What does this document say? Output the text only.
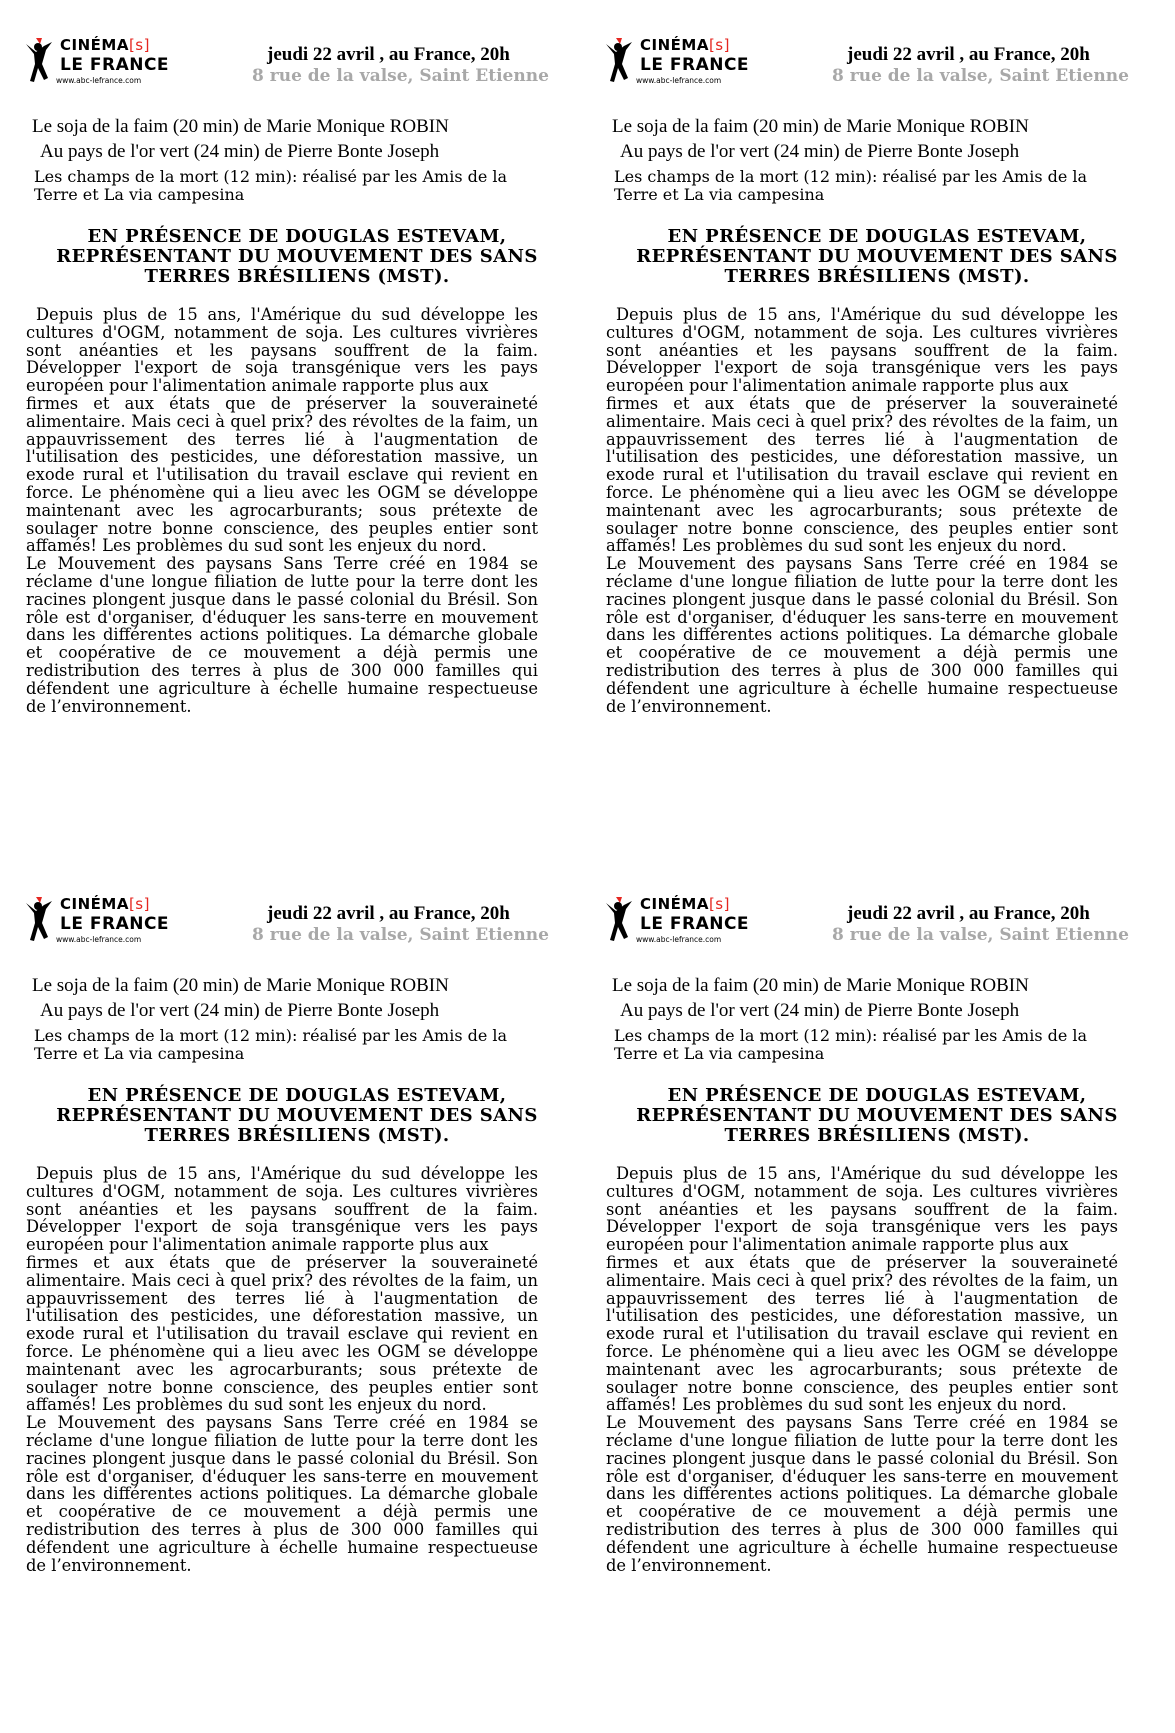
CINÉMA[s]
LE FRANCE
www.abc-lefrance.com
jeudi 22 avril , au France, 20h
8 rue de la valse, Saint Etienne
Le soja de la faim (20 min) de Marie Monique ROBIN
Au pays de l'or vert (24 min) de Pierre Bonte Joseph
Les champs de la mort (12 min): réalisé par les Amis de la Terre et La via campesina
EN PRÉSENCE DE DOUGLAS ESTEVAM, REPRÉSENTANT DU MOUVEMENT DES SANS TERRES BRÉSILIENS (MST).

Depuis plus de 15 ans, l'Amérique du sud développe les cultures d'OGM, notamment de soja. Les cultures vivrières sont anéanties et les paysans souffrent de la faim. Développer l'export de soja transgénique vers les pays européen pour l'alimentation animale rapporte plus aux

firmes et aux états que de préserver la souveraineté alimentaire. Mais ceci à quel prix? des révoltes de la faim, un appauvrissement des terres lié à l'augmentation de l'utilisation des pesticides, une déforestation massive, un exode rural et l'utilisation du travail esclave qui revient en force. Le phénomène qui a lieu avec les OGM se développe maintenant avec les agrocarburants; sous prétexte de soulager notre bonne conscience, des peuples entier sont affamés! Les problèmes du sud sont les enjeux du nord.

Le Mouvement des paysans Sans Terre créé en 1984 se réclame d'une longue filiation de lutte pour la terre dont les racines plongent jusque dans le passé colonial du Brésil. Son rôle est d'organiser, d'éduquer les sans-terre en mouvement dans les différentes actions politiques. La démarche globale et coopérative de ce mouvement a déjà permis une redistribution des terres à plus de 300 000 familles qui défendent une agriculture à échelle humaine respectueuse de l’environnement.

CINÉMA[s]
LE FRANCE
www.abc-lefrance.com
jeudi 22 avril , au France, 20h
8 rue de la valse, Saint Etienne
Le soja de la faim (20 min) de Marie Monique ROBIN
Au pays de l'or vert (24 min) de Pierre Bonte Joseph
Les champs de la mort (12 min): réalisé par les Amis de la Terre et La via campesina
EN PRÉSENCE DE DOUGLAS ESTEVAM, REPRÉSENTANT DU MOUVEMENT DES SANS TERRES BRÉSILIENS (MST).

Depuis plus de 15 ans, l'Amérique du sud développe les cultures d'OGM, notamment de soja. Les cultures vivrières sont anéanties et les paysans souffrent de la faim. Développer l'export de soja transgénique vers les pays européen pour l'alimentation animale rapporte plus aux

firmes et aux états que de préserver la souveraineté alimentaire. Mais ceci à quel prix? des révoltes de la faim, un appauvrissement des terres lié à l'augmentation de l'utilisation des pesticides, une déforestation massive, un exode rural et l'utilisation du travail esclave qui revient en force. Le phénomène qui a lieu avec les OGM se développe maintenant avec les agrocarburants; sous prétexte de soulager notre bonne conscience, des peuples entier sont affamés! Les problèmes du sud sont les enjeux du nord.

Le Mouvement des paysans Sans Terre créé en 1984 se réclame d'une longue filiation de lutte pour la terre dont les racines plongent jusque dans le passé colonial du Brésil. Son rôle est d'organiser, d'éduquer les sans-terre en mouvement dans les différentes actions politiques. La démarche globale et coopérative de ce mouvement a déjà permis une redistribution des terres à plus de 300 000 familles qui défendent une agriculture à échelle humaine respectueuse de l’environnement.

CINÉMA[s]
LE FRANCE
www.abc-lefrance.com
jeudi 22 avril , au France, 20h
8 rue de la valse, Saint Etienne
Le soja de la faim (20 min) de Marie Monique ROBIN
Au pays de l'or vert (24 min) de Pierre Bonte Joseph
Les champs de la mort (12 min): réalisé par les Amis de la Terre et La via campesina
EN PRÉSENCE DE DOUGLAS ESTEVAM, REPRÉSENTANT DU MOUVEMENT DES SANS TERRES BRÉSILIENS (MST).

Depuis plus de 15 ans, l'Amérique du sud développe les cultures d'OGM, notamment de soja. Les cultures vivrières sont anéanties et les paysans souffrent de la faim. Développer l'export de soja transgénique vers les pays européen pour l'alimentation animale rapporte plus aux

firmes et aux états que de préserver la souveraineté alimentaire. Mais ceci à quel prix? des révoltes de la faim, un appauvrissement des terres lié à l'augmentation de l'utilisation des pesticides, une déforestation massive, un exode rural et l'utilisation du travail esclave qui revient en force. Le phénomène qui a lieu avec les OGM se développe maintenant avec les agrocarburants; sous prétexte de soulager notre bonne conscience, des peuples entier sont affamés! Les problèmes du sud sont les enjeux du nord.

Le Mouvement des paysans Sans Terre créé en 1984 se réclame d'une longue filiation de lutte pour la terre dont les racines plongent jusque dans le passé colonial du Brésil. Son rôle est d'organiser, d'éduquer les sans-terre en mouvement dans les différentes actions politiques. La démarche globale et coopérative de ce mouvement a déjà permis une redistribution des terres à plus de 300 000 familles qui défendent une agriculture à échelle humaine respectueuse de l’environnement.

CINÉMA[s]
LE FRANCE
www.abc-lefrance.com
jeudi 22 avril , au France, 20h
8 rue de la valse, Saint Etienne
Le soja de la faim (20 min) de Marie Monique ROBIN
Au pays de l'or vert (24 min) de Pierre Bonte Joseph
Les champs de la mort (12 min): réalisé par les Amis de la Terre et La via campesina
EN PRÉSENCE DE DOUGLAS ESTEVAM, REPRÉSENTANT DU MOUVEMENT DES SANS TERRES BRÉSILIENS (MST).

Depuis plus de 15 ans, l'Amérique du sud développe les cultures d'OGM, notamment de soja. Les cultures vivrières sont anéanties et les paysans souffrent de la faim. Développer l'export de soja transgénique vers les pays européen pour l'alimentation animale rapporte plus aux

firmes et aux états que de préserver la souveraineté alimentaire. Mais ceci à quel prix? des révoltes de la faim, un appauvrissement des terres lié à l'augmentation de l'utilisation des pesticides, une déforestation massive, un exode rural et l'utilisation du travail esclave qui revient en force. Le phénomène qui a lieu avec les OGM se développe maintenant avec les agrocarburants; sous prétexte de soulager notre bonne conscience, des peuples entier sont affamés! Les problèmes du sud sont les enjeux du nord.

Le Mouvement des paysans Sans Terre créé en 1984 se réclame d'une longue filiation de lutte pour la terre dont les racines plongent jusque dans le passé colonial du Brésil. Son rôle est d'organiser, d'éduquer les sans-terre en mouvement dans les différentes actions politiques. La démarche globale et coopérative de ce mouvement a déjà permis une redistribution des terres à plus de 300 000 familles qui défendent une agriculture à échelle humaine respectueuse de l’environnement.
